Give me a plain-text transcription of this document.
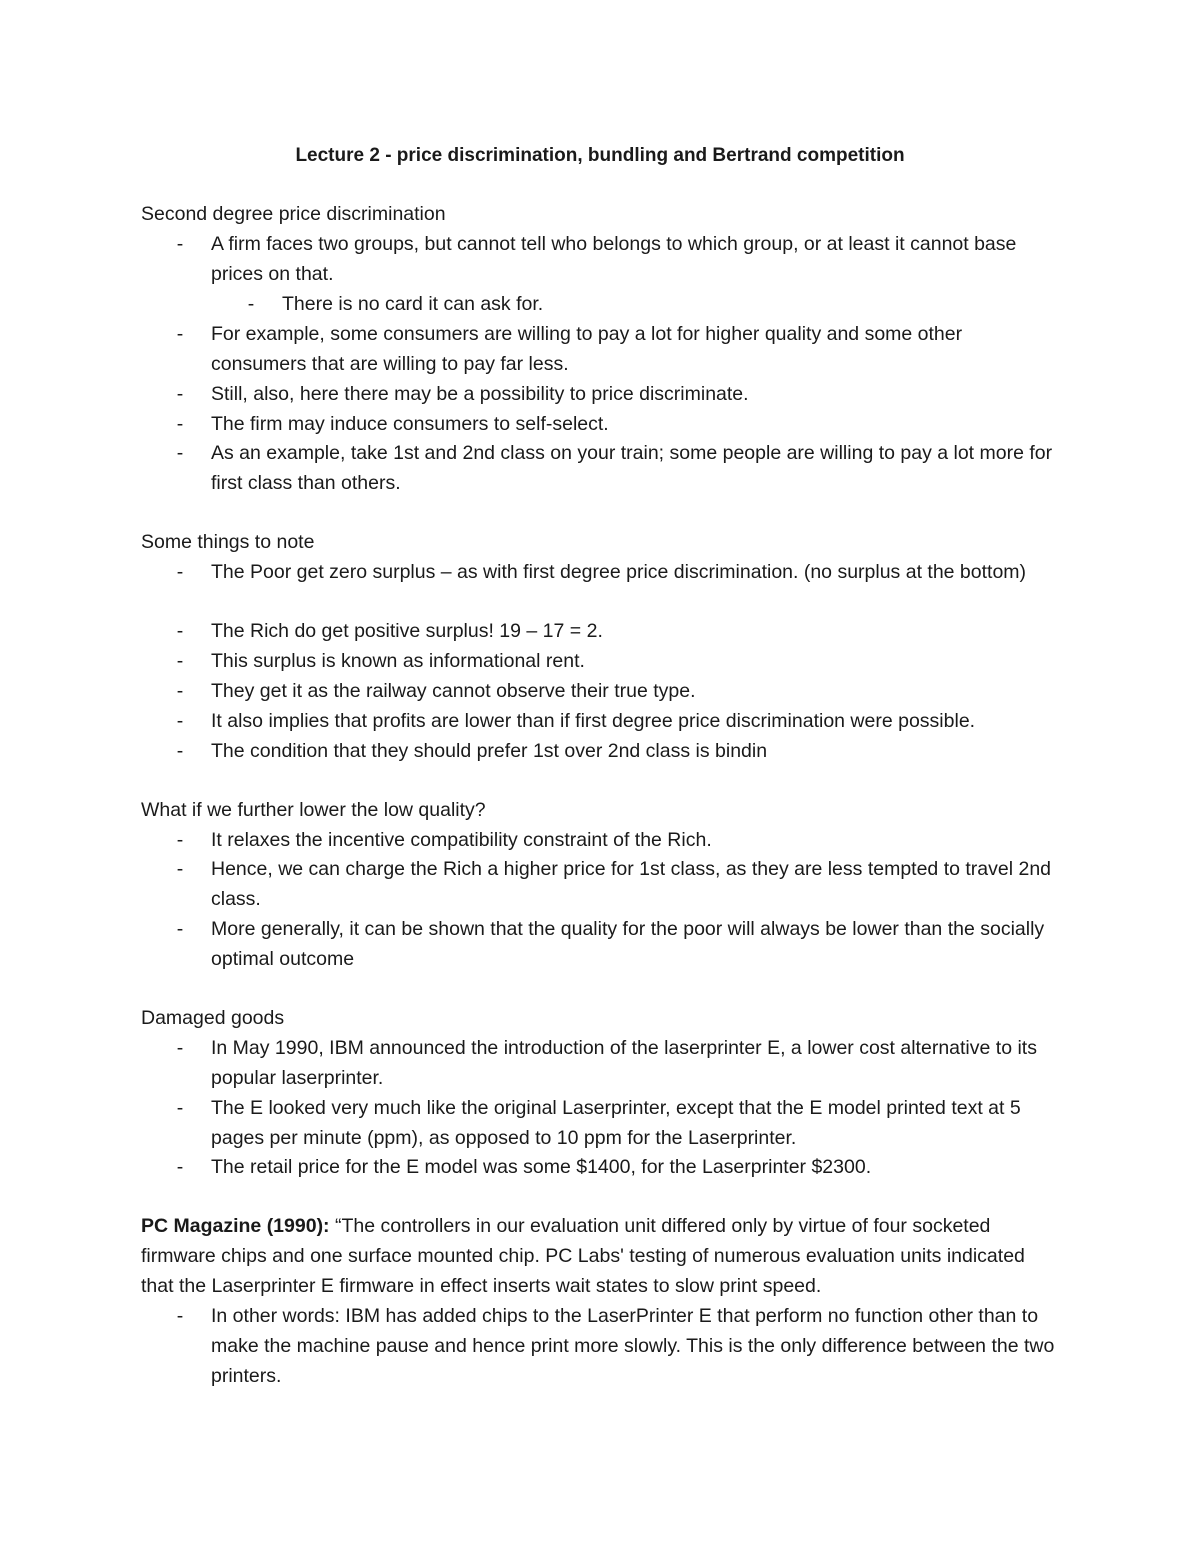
Lecture 2 - price discrimination, bundling and Bertrand competition
Second degree price discrimination
- A firm faces two groups, but cannot tell who belongs to which group, or at least it cannot base prices on that.
- There is no card it can ask for.
- For example, some consumers are willing to pay a lot for higher quality and some other consumers that are willing to pay far less.
- Still, also, here there may be a possibility to price discriminate.
- The firm may induce consumers to self-select.
- As an example, take 1st and 2nd class on your train; some people are willing to pay a lot more for first class than others.
Some things to note
- The Poor get zero surplus – as with first degree price discrimination. (no surplus at the bottom)
- The Rich do get positive surplus! 19 – 17 = 2.
- This surplus is known as informational rent.
- They get it as the railway cannot observe their true type.
- It also implies that profits are lower than if first degree price discrimination were possible.
- The condition that they should prefer 1st over 2nd class is bindin
What if we further lower the low quality?
- It relaxes the incentive compatibility constraint of the Rich.
- Hence, we can charge the Rich a higher price for 1st class, as they are less tempted to travel 2nd class.
- More generally, it can be shown that the quality for the poor will always be lower than the socially optimal outcome
Damaged goods
- In May 1990, IBM announced the introduction of the laserprinter E, a lower cost alternative to its popular laserprinter.
- The E looked very much like the original Laserprinter, except that the E model printed text at 5 pages per minute (ppm), as opposed to 10 ppm for the Laserprinter.
- The retail price for the E model was some $1400, for the Laserprinter $2300.
PC Magazine (1990): “The controllers in our evaluation unit differed only by virtue of four socketed firmware chips and one surface mounted chip. PC Labs' testing of numerous evaluation units indicated that the Laserprinter E firmware in effect inserts wait states to slow print speed.
- In other words: IBM has added chips to the LaserPrinter E that perform no function other than to make the machine pause and hence print more slowly. This is the only difference between the two printers.
